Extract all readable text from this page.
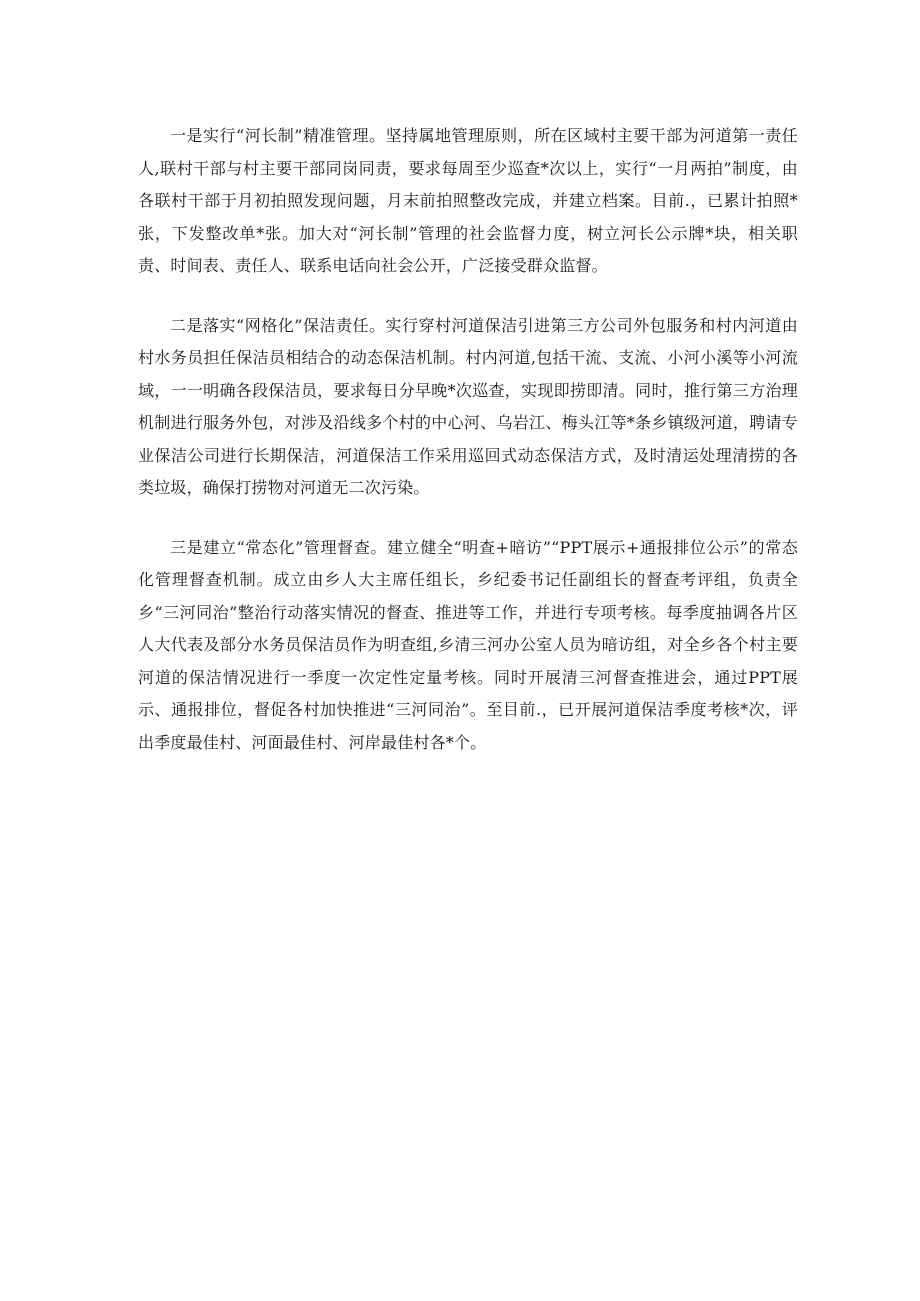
一是实行“河长制”精准管理。坚持属地管理原则，所在区域村主要干部为河道第一责任人,联村干部与村主要干部同岗同责，要求每周至少巡查*次以上，实行“一月两拍”制度，由各联村干部于月初拍照发现问题，月末前拍照整改完成，并建立档案。目前.，已累计拍照*张，下发整改单*张。加大对“河长制”管理的社会监督力度，树立河长公示牌*块，相关职责、时间表、责任人、联系电话向社会公开，广泛接受群众监督。

二是落实“网格化”保洁责任。实行穿村河道保洁引进第三方公司外包服务和村内河道由村水务员担任保洁员相结合的动态保洁机制。村内河道,包括干流、支流、小河小溪等小河流域，一一明确各段保洁员，要求每日分早晚*次巡查，实现即捞即清。同时，推行第三方治理机制进行服务外包，对涉及沿线多个村的中心河、乌岩江、梅头江等*条乡镇级河道，聘请专业保洁公司进行长期保洁，河道保洁工作采用巡回式动态保洁方式，及时清运处理清捞的各类垃圾，确保打捞物对河道无二次污染。

三是建立“常态化”管理督查。建立健全“明查+暗访”“PPT展示+通报排位公示”的常态化管理督查机制。成立由乡人大主席任组长，乡纪委书记任副组长的督查考评组，负责全乡“三河同治”整治行动落实情况的督查、推进等工作，并进行专项考核。每季度抽调各片区人大代表及部分水务员保洁员作为明查组,乡清三河办公室人员为暗访组，对全乡各个村主要河道的保洁情况进行一季度一次定性定量考核。同时开展清三河督查推进会，通过PPT展示、通报排位，督促各村加快推进“三河同治”。至目前.，已开展河道保洁季度考核*次，评出季度最佳村、河面最佳村、河岸最佳村各*个。
